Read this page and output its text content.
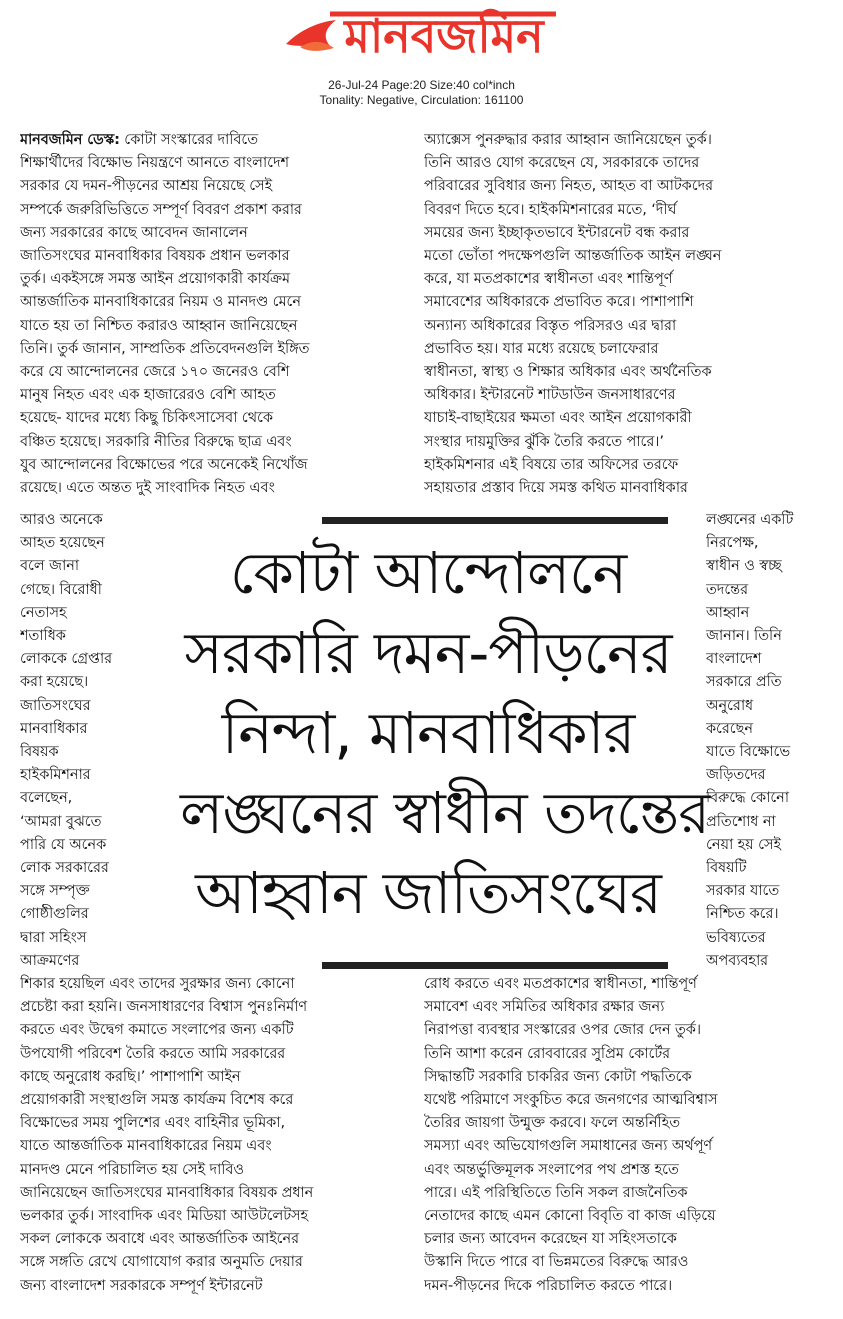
মানবজমিন
26-Jul-24 Page:20 Size:40 col*inch
Tonality: Negative, Circulation: 161100
মানবজমিন ডেস্ক: কোটা সংস্কারের দাবিতে
শিক্ষার্থীদের বিক্ষোভ নিয়ন্ত্রণে আনতে বাংলাদেশ
সরকার যে দমন-পীড়নের আশ্রয় নিয়েছে সেই
সম্পর্কে জরুরিভিত্তিতে সম্পূর্ণ বিবরণ প্রকাশ করার
জন্য সরকারের কাছে আবেদন জানালেন
জাতিসংঘের মানবাধিকার বিষয়ক প্রধান ভলকার
তুর্ক। একইসঙ্গে সমস্ত আইন প্রয়োগকারী কার্যক্রম
আন্তর্জাতিক মানবাধিকারের নিয়ম ও মানদণ্ড মেনে
যাতে হয় তা নিশ্চিত করারও আহ্বান জানিয়েছেন
তিনি। তুর্ক জানান, সাম্প্রতিক প্রতিবেদনগুলি ইঙ্গিত
করে যে আন্দোলনের জেরে ১৭০ জনেরও বেশি
মানুষ নিহত এবং এক হাজারেরও বেশি আহত
হয়েছে- যাদের মধ্যে কিছু চিকিৎসাসেবা থেকে
বঞ্চিত হয়েছে। সরকারি নীতির বিরুদ্ধে ছাত্র এবং
যুব আন্দোলনের বিক্ষোভের পরে অনেকেই নিখোঁজ
রয়েছে। এতে অন্তত দুই সাংবাদিক নিহত এবং
অ্যাক্সেস পুনরুদ্ধার করার আহ্বান জানিয়েছেন তুর্ক।
তিনি আরও যোগ করেছেন যে, সরকারকে তাদের
পরিবারের সুবিধার জন্য নিহত, আহত বা আটকদের
বিবরণ দিতে হবে। হাইকমিশনারের মতে, ‘দীর্ঘ
সময়ের জন্য ইচ্ছাকৃতভাবে ইন্টারনেট বন্ধ করার
মতো ভোঁতা পদক্ষেপগুলি আন্তর্জাতিক আইন লঙ্ঘন
করে, যা মতপ্রকাশের স্বাধীনতা এবং শান্তিপূর্ণ
সমাবেশের অধিকারকে প্রভাবিত করে। পাশাপাশি
অন্যান্য অধিকারের বিস্তৃত পরিসরও এর দ্বারা
প্রভাবিত হয়। যার মধ্যে রয়েছে চলাফেরার
স্বাধীনতা, স্বাস্থ্য ও শিক্ষার অধিকার এবং অর্থনৈতিক
অধিকার। ইন্টারনেট শাটডাউন জনসাধারণের
যাচাই-বাছাইয়ের ক্ষমতা এবং আইন প্রয়োগকারী
সংস্থার দায়মুক্তির ঝুঁকি তৈরি করতে পারে।’
হাইকমিশনার এই বিষয়ে তার অফিসের তরফে
সহায়তার প্রস্তাব দিয়ে সমস্ত কথিত মানবাধিকার
আরও অনেকে
আহত হয়েছেন
বলে জানা
গেছে। বিরোধী
নেতাসহ
শতাধিক
লোককে গ্রেপ্তার
করা হয়েছে।
জাতিসংঘের
মানবাধিকার
বিষয়ক
হাইকমিশনার
বলেছেন,
‘আমরা বুঝতে
পারি যে অনেক
লোক সরকারের
সঙ্গে সম্পৃক্ত
গোষ্ঠীগুলির
দ্বারা সহিংস
আক্রমণের
লঙ্ঘনের একটি
নিরপেক্ষ,
স্বাধীন ও স্বচ্ছ
তদন্তের
আহ্বান
জানান। তিনি
বাংলাদেশ
সরকারে প্রতি
অনুরোধ
করেছেন
যাতে বিক্ষোভে
জড়িতদের
বিরুদ্ধে কোনো
প্রতিশোধ না
নেয়া হয় সেই
বিষয়টি
সরকার যাতে
নিশ্চিত করে।
ভবিষ্যতের
অপব্যবহার
কোটা আন্দোলনে
সরকারি দমন-পীড়নের
নিন্দা, মানবাধিকার
লঙ্ঘনের স্বাধীন তদন্তের
আহ্বান জাতিসংঘের
শিকার হয়েছিল এবং তাদের সুরক্ষার জন্য কোনো
প্রচেষ্টা করা হয়নি। জনসাধারণের বিশ্বাস পুনঃনির্মাণ
করতে এবং উদ্বেগ কমাতে সংলাপের জন্য একটি
উপযোগী পরিবেশ তৈরি করতে আমি সরকারের
কাছে অনুরোধ করছি।’ পাশাপাশি আইন
প্রয়োগকারী সংস্থাগুলি সমস্ত কার্যক্রম বিশেষ করে
বিক্ষোভের সময় পুলিশের এবং বাহিনীর ভূমিকা,
যাতে আন্তর্জাতিক মানবাধিকারের নিয়ম এবং
মানদণ্ড মেনে পরিচালিত হয় সেই দাবিও
জানিয়েছেন জাতিসংঘের মানবাধিকার বিষয়ক প্রধান
ভলকার তুর্ক। সাংবাদিক এবং মিডিয়া আউটলেটসহ
সকল লোককে অবাধে এবং আন্তর্জাতিক আইনের
সঙ্গে সঙ্গতি রেখে যোগাযোগ করার অনুমতি দেয়ার
জন্য বাংলাদেশ সরকারকে সম্পূর্ণ ইন্টারনেট
রোধ করতে এবং মতপ্রকাশের স্বাধীনতা, শান্তিপূর্ণ
সমাবেশ এবং সমিতির অধিকার রক্ষার জন্য
নিরাপত্তা ব্যবস্থার সংস্কারের ওপর জোর দেন তুর্ক।
তিনি আশা করেন রোববারের সুপ্রিম কোর্টের
সিদ্ধান্তটি সরকারি চাকরির জন্য কোটা পদ্ধতিকে
যথেষ্ট পরিমাণে সংকুচিত করে জনগণের আত্মবিশ্বাস
তৈরির জায়গা উন্মুক্ত করবে। ফলে অন্তর্নিহিত
সমস্যা এবং অভিযোগগুলি সমাধানের জন্য অর্থপূর্ণ
এবং অন্তর্ভুক্তিমূলক সংলাপের পথ প্রশস্ত হতে
পারে। এই পরিস্থিতিতে তিনি সকল রাজনৈতিক
নেতাদের কাছে এমন কোনো বিবৃতি বা কাজ এড়িয়ে
চলার জন্য আবেদন করেছেন যা সহিংসতাকে
উস্কানি দিতে পারে বা ভিন্নমতের বিরুদ্ধে আরও
দমন-পীড়নের দিকে পরিচালিত করতে পারে।
